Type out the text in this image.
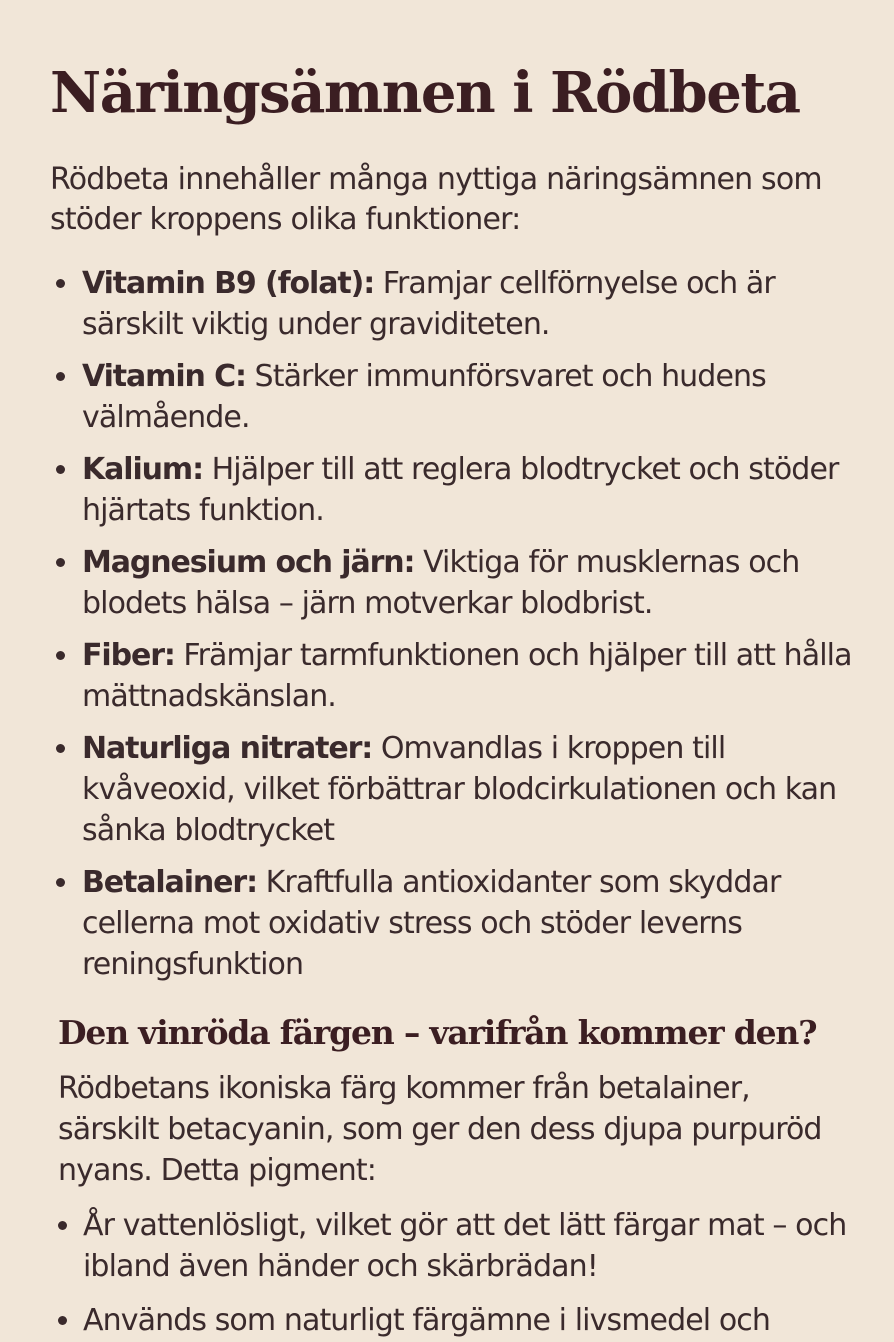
Näringsämnen i Rödbeta

Rödbeta innehåller många nyttiga näringsämnen som stöder kroppens olika funktioner:

Vitamin B9 (folat): Framjar cellförnyelse och är särskilt viktig under graviditeten.
Vitamin C: Stärker immunförsvaret och hudens välmående.
Kalium: Hjälper till att reglera blodtrycket och stöder hjärtats funktion.
Magnesium och järn: Viktiga för musklernas och blodets hälsa – järn motverkar blodbrist.
Fiber: Främjar tarmfunktionen och hjälper till att hålla mättnadskänslan.
Naturliga nitrater: Omvandlas i kroppen till kvåveoxid, vilket förbättrar blodcirkulationen och kan sånka blodtrycket
Betalainer: Kraftfulla antioxidanter som skyddar cellerna mot oxidativ stress och stöder leverns reningsfunktion
Den vinröda färgen – varifrån kommer den?

Rödbetans ikoniska färg kommer från betalainer, särskilt betacyanin, som ger den dess djupa purpuröd nyans. Detta pigment:

År vattenlösligt, vilket gör att det lätt färgar mat – och ibland även händer och skärbrädan!
Används som naturligt färgämne i livsmedel och
